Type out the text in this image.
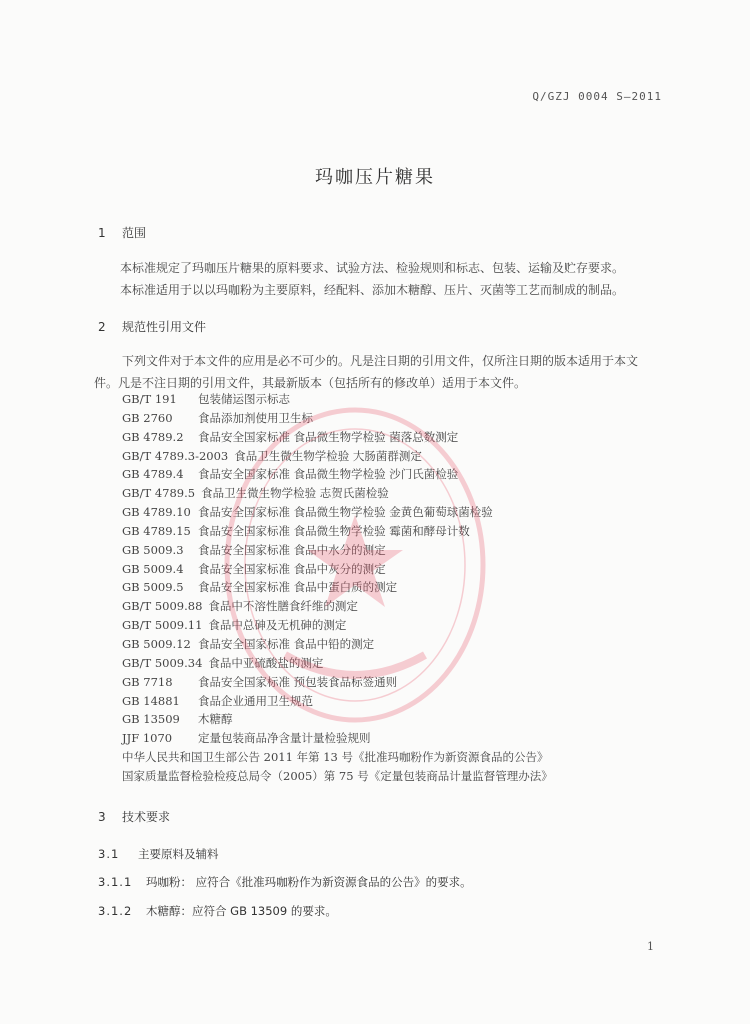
Q/GZJ 0004 S—2011
玛咖压片糖果
1 范围
本标准规定了玛咖压片糖果的原料要求、试验方法、检验规则和标志、包装、运输及贮存要求。
本标准适用于以以玛咖粉为主要原料，经配料、添加木糖醇、压片、灭菌等工艺而制成的制品。
2 规范性引用文件
下列文件对于本文件的应用是必不可少的。凡是注日期的引用文件，仅所注日期的版本适用于本文
件。凡是不注日期的引用文件，其最新版本（包括所有的修改单）适用于本文件。
GB/T 191 包装储运图示标志
GB 2760 食品添加剂使用卫生标
GB 4789.2 食品安全国家标准 食品微生物学检验 菌落总数测定
GB/T 4789.3-2003 食品卫生微生物学检验 大肠菌群测定
GB 4789.4 食品安全国家标准 食品微生物学检验 沙门氏菌检验
GB/T 4789.5 食品卫生微生物学检验 志贺氏菌检验
GB 4789.10 食品安全国家标准 食品微生物学检验 金黄色葡萄球菌检验
GB 4789.15 食品安全国家标准 食品微生物学检验 霉菌和酵母计数
GB 5009.3 食品安全国家标准 食品中水分的测定
GB 5009.4 食品安全国家标准 食品中灰分的测定
GB 5009.5 食品安全国家标准 食品中蛋白质的测定
GB/T 5009.88 食品中不溶性膳食纤维的测定
GB/T 5009.11 食品中总砷及无机砷的测定
GB 5009.12 食品安全国家标准 食品中铅的测定
GB/T 5009.34 食品中亚硫酸盐的测定
GB 7718 食品安全国家标准 预包装食品标签通则
GB 14881 食品企业通用卫生规范
GB 13509 木糖醇
JJF 1070 定量包装商品净含量计量检验规则
中华人民共和国卫生部公告 2011 年第 13 号《批准玛咖粉作为新资源食品的公告》
国家质量监督检验检疫总局令（2005）第 75 号《定量包装商品计量监督管理办法》
3 技术要求
3.1 主要原料及辅料
3.1.1 玛咖粉： 应符合《批准玛咖粉作为新资源食品的公告》的要求。
3.1.2 木糖醇：应符合 GB 13509 的要求。
1
